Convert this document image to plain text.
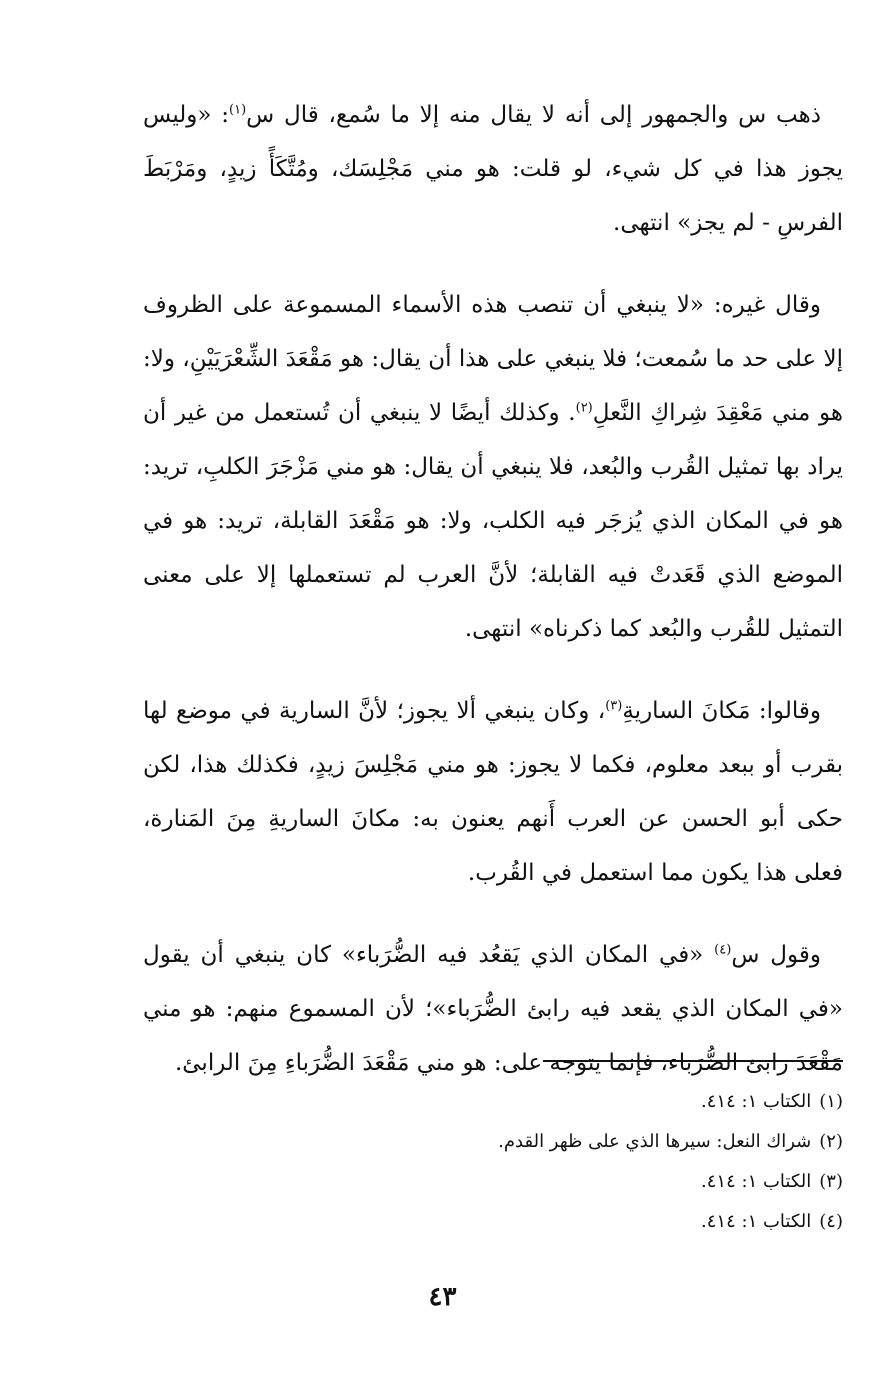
ذهب س والجمهور إلى أنه لا يقال منه إلا ما سُمع، قال س$^{(١)}$: «وليس يجوز هذا في كل شيء، لو قلت: هو مني مَجْلِسَك، ومُتَّكَأً زيدٍ، ومَرْبَطَ الفرسِ - لم يجز» انتهى.

وقال غيره: «لا ينبغي أن تنصب هذه الأسماء المسموعة على الظروف إلا على حد ما سُمعت؛ فلا ينبغي على هذا أن يقال: هو مَقْعَدَ الشِّعْرَيَيْنِ، ولا: هو مني مَعْقِدَ شِراكِ النَّعلِ$^{(٢)}$. وكذلك أيضًا لا ينبغي أن تُستعمل من غير أن يراد بها تمثيل القُرب والبُعد، فلا ينبغي أن يقال: هو مني مَزْجَرَ الكلبِ، تريد: هو في المكان الذي يُزجَر فيه الكلب، ولا: هو مَقْعَدَ القابلة، تريد: هو في الموضع الذي قَعَدتْ فيه القابلة؛ لأنَّ العرب لم تستعملها إلا على معنى التمثيل للقُرب والبُعد كما ذكرناه» انتهى.

وقالوا: مَكانَ الساريةِ$^{(٣)}$، وكان ينبغي ألا يجوز؛ لأنَّ السارية في موضع لها بقرب أو ببعد معلوم، فكما لا يجوز: هو مني مَجْلِسَ زيدٍ، فكذلك هذا، لكن حكى أبو الحسن عن العرب أَنهم يعنون به: مكانَ الساريةِ مِنَ المَنارة، فعلى هذا يكون مما استعمل في القُرب.

وقول س$^{(٤)}$ «في المكان الذي يَقعُد فيه الضُّرَباء» كان ينبغي أن يقول «في المكان الذي يقعد فيه رابئ الضُّرَباء»؛ لأن المسموع منهم: هو مني مَقْعَدَ رابئ الضُّرَباء، فإنما يتوجه على: هو مني مَقْعَدَ الضُّرَباءِ مِنَ الرابئ.

(١)الكتاب ١: ٤١٤.

(٢)شراك النعل: سيرها الذي على ظهر القدم.

(٣)الكتاب ١: ٤١٤.

(٤)الكتاب ١: ٤١٤.

٤٣
